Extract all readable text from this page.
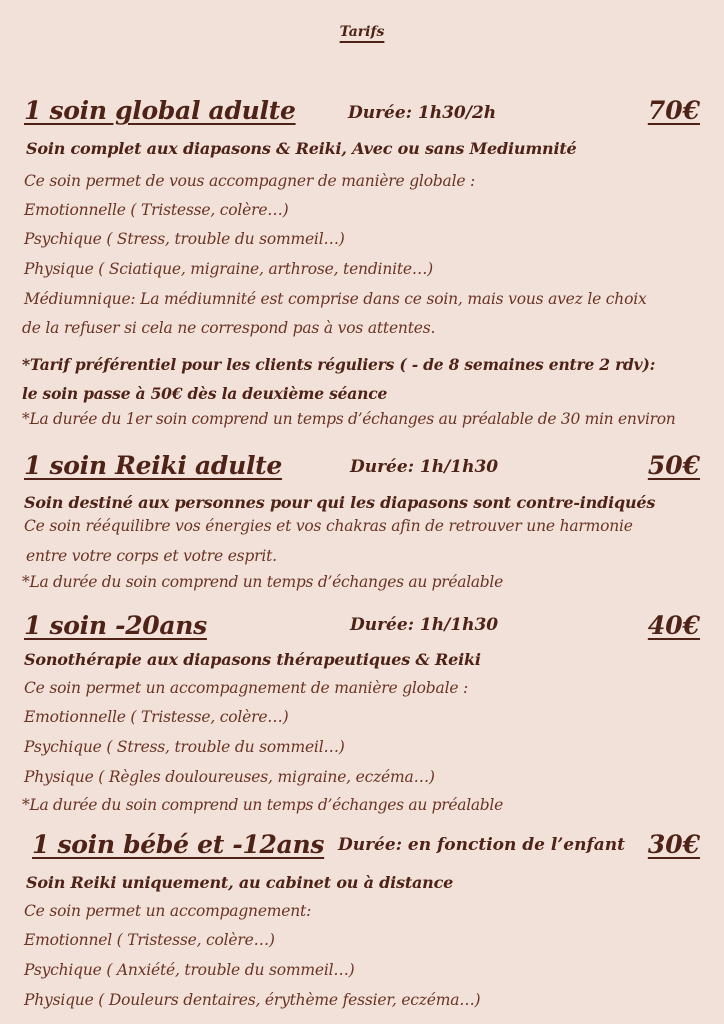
Tarifs
1 soin global adulte	Durée: 1h30/2h	70€
Soin complet aux diapasons & Reiki, Avec ou sans Mediumnité
Ce soin permet de vous accompagner de manière globale :
Emotionnelle ( Tristesse, colère…)
Psychique ( Stress, trouble du sommeil…)
Physique ( Sciatique, migraine, arthrose, tendinite…)
Médiumnique: La médiumnité est comprise dans ce soin, mais vous avez le choix
de la refuser si cela ne correspond pas à vos attentes.
*Tarif préférentiel pour les clients réguliers ( - de 8 semaines entre 2 rdv):
le soin passe à 50€ dès la deuxième séance
*La durée du 1er soin comprend un temps d’échanges au préalable de 30 min environ
1 soin Reiki adulte	Durée: 1h/1h30	50€
Soin destiné aux personnes pour qui les diapasons sont contre-indiqués
Ce soin rééquilibre vos énergies et vos chakras afin de retrouver une harmonie
entre votre corps et votre esprit.
*La durée du soin comprend un temps d’échanges au préalable
1 soin -20ans	Durée: 1h/1h30	40€
Sonothérapie aux diapasons thérapeutiques & Reiki
Ce soin permet un accompagnement de manière globale :
Emotionnelle ( Tristesse, colère…)
Psychique ( Stress, trouble du sommeil…)
Physique ( Règles douloureuses, migraine, eczéma…)
*La durée du soin comprend un temps d’échanges au préalable
1 soin bébé et -12ans Durée: en fonction de l’enfant 30€
Soin Reiki uniquement, au cabinet ou à distance
Ce soin permet un accompagnement:
Emotionnel ( Tristesse, colère…)
Psychique ( Anxiété, trouble du sommeil…)
Physique ( Douleurs dentaires, érythème fessier, eczéma…)
